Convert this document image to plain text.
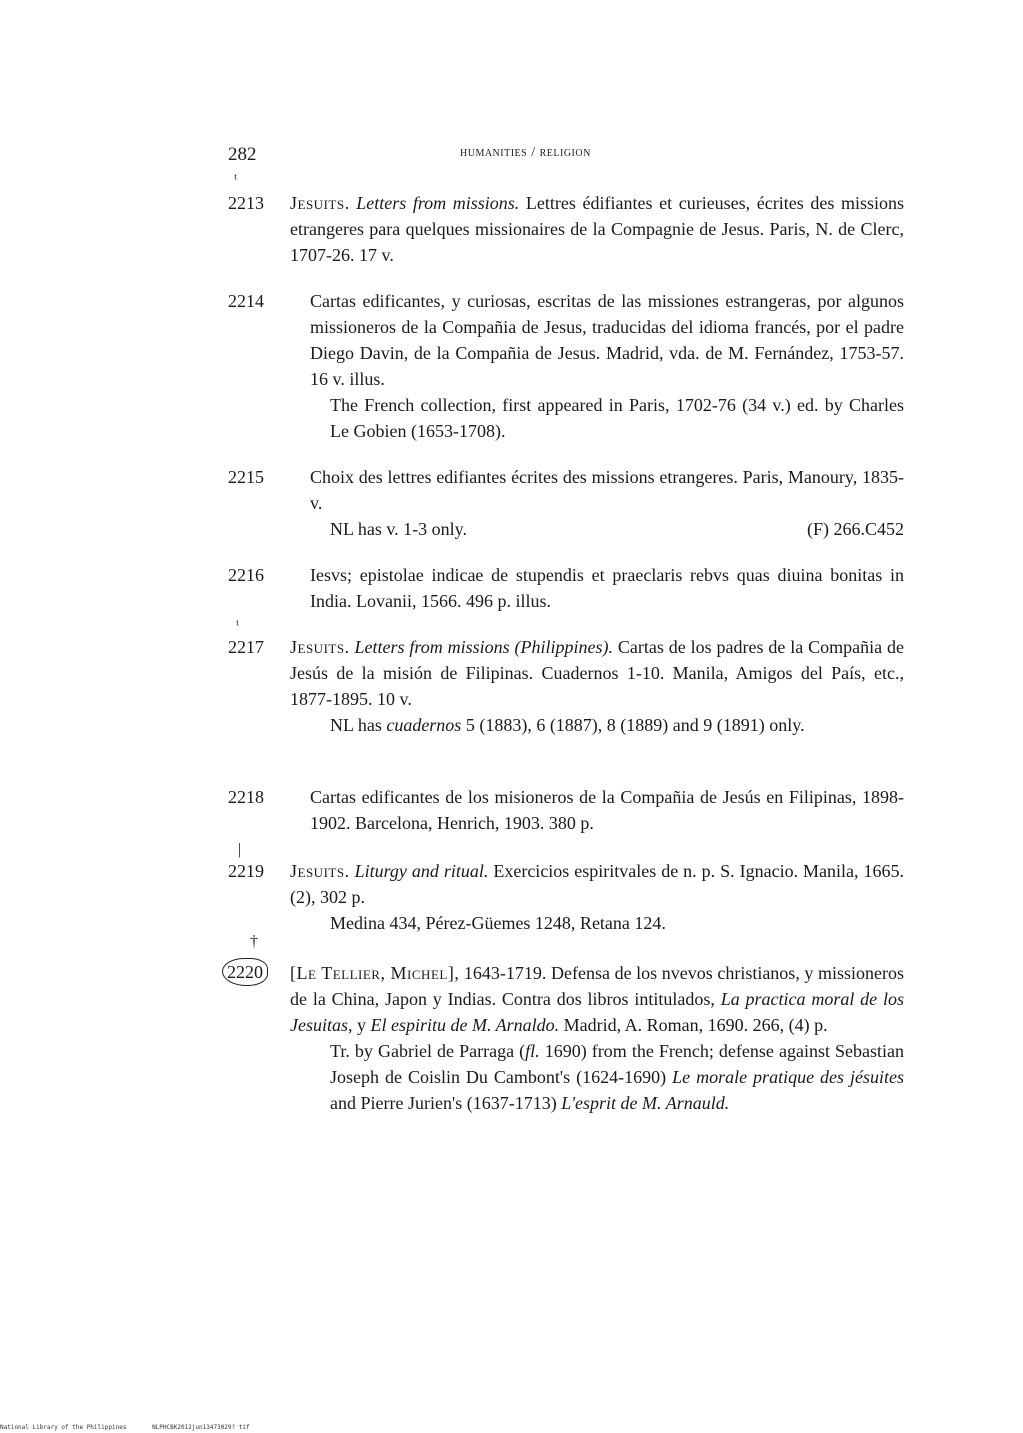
282	humanities / religion
ᵗ
2213 Jesuits. Letters from missions. Lettres édifiantes et curieuses, écrites des missions etrangeres para quelques missionaires de la Compagnie de Jesus. Paris, N. de Clerc, 1707-26. 17 v.
2214	Cartas edificantes, y curiosas, escritas de las missiones estrangeras, por algunos missioneros de la Compañia de Jesus, traducidas del idioma francés, por el padre Diego Davin, de la Compañia de Jesus. Madrid, vda. de M. Fernández, 1753-57. 16 v. illus.
The French collection, first appeared in Paris, 1702-76 (34 v.) ed. by Charles Le Gobien (1653-1708).
2215	Choix des lettres edifiantes écrites des missions etrangeres. Paris, Manoury, 1835- v.
NL has v. 1-3 only.	(F) 266.C452
2216	Iesvs; epistolae indicae de stupendis et praeclaris rebvs quas diuina bonitas in India. Lovanii, 1566. 496 p. illus.
ᵗ
2217 Jesuits. Letters from missions (Philippines). Cartas de los padres de la Compañia de Jesús de la misión de Filipinas. Cuadernos 1-10. Manila, Amigos del País, etc., 1877-1895. 10 v.
NL has cuadernos 5 (1883), 6 (1887), 8 (1889) and 9 (1891) only.
2218	Cartas edificantes de los misioneros de la Compañia de Jesús en Filipinas, 1898-1902. Barcelona, Henrich, 1903. 380 p.
|
2219 Jesuits. Liturgy and ritual. Exercicios espiritvales de n. p. S. Ignacio. Manila, 1665. (2), 302 p.
Medina 434, Pérez-Güemes 1248, Retana 124.
†
2220 [Le Tellier, Michel], 1643-1719. Defensa de los nvevos christianos, y missioneros de la China, Japon y Indias. Contra dos libros intitulados, La practica moral de los Jesuitas, y El espiritu de M. Arnaldo. Madrid, A. Roman, 1690. 266, (4) p.
Tr. by Gabriel de Parraga (fl. 1690) from the French; defense against Sebastian Joseph de Coislin Du Cambont's (1624-1690) Le morale pratique des jésuites and Pierre Jurien's (1637-1713) L'esprit de M. Arnauld.
National Library of the Philippines	NLPHCBK2012jun13473029? tif
